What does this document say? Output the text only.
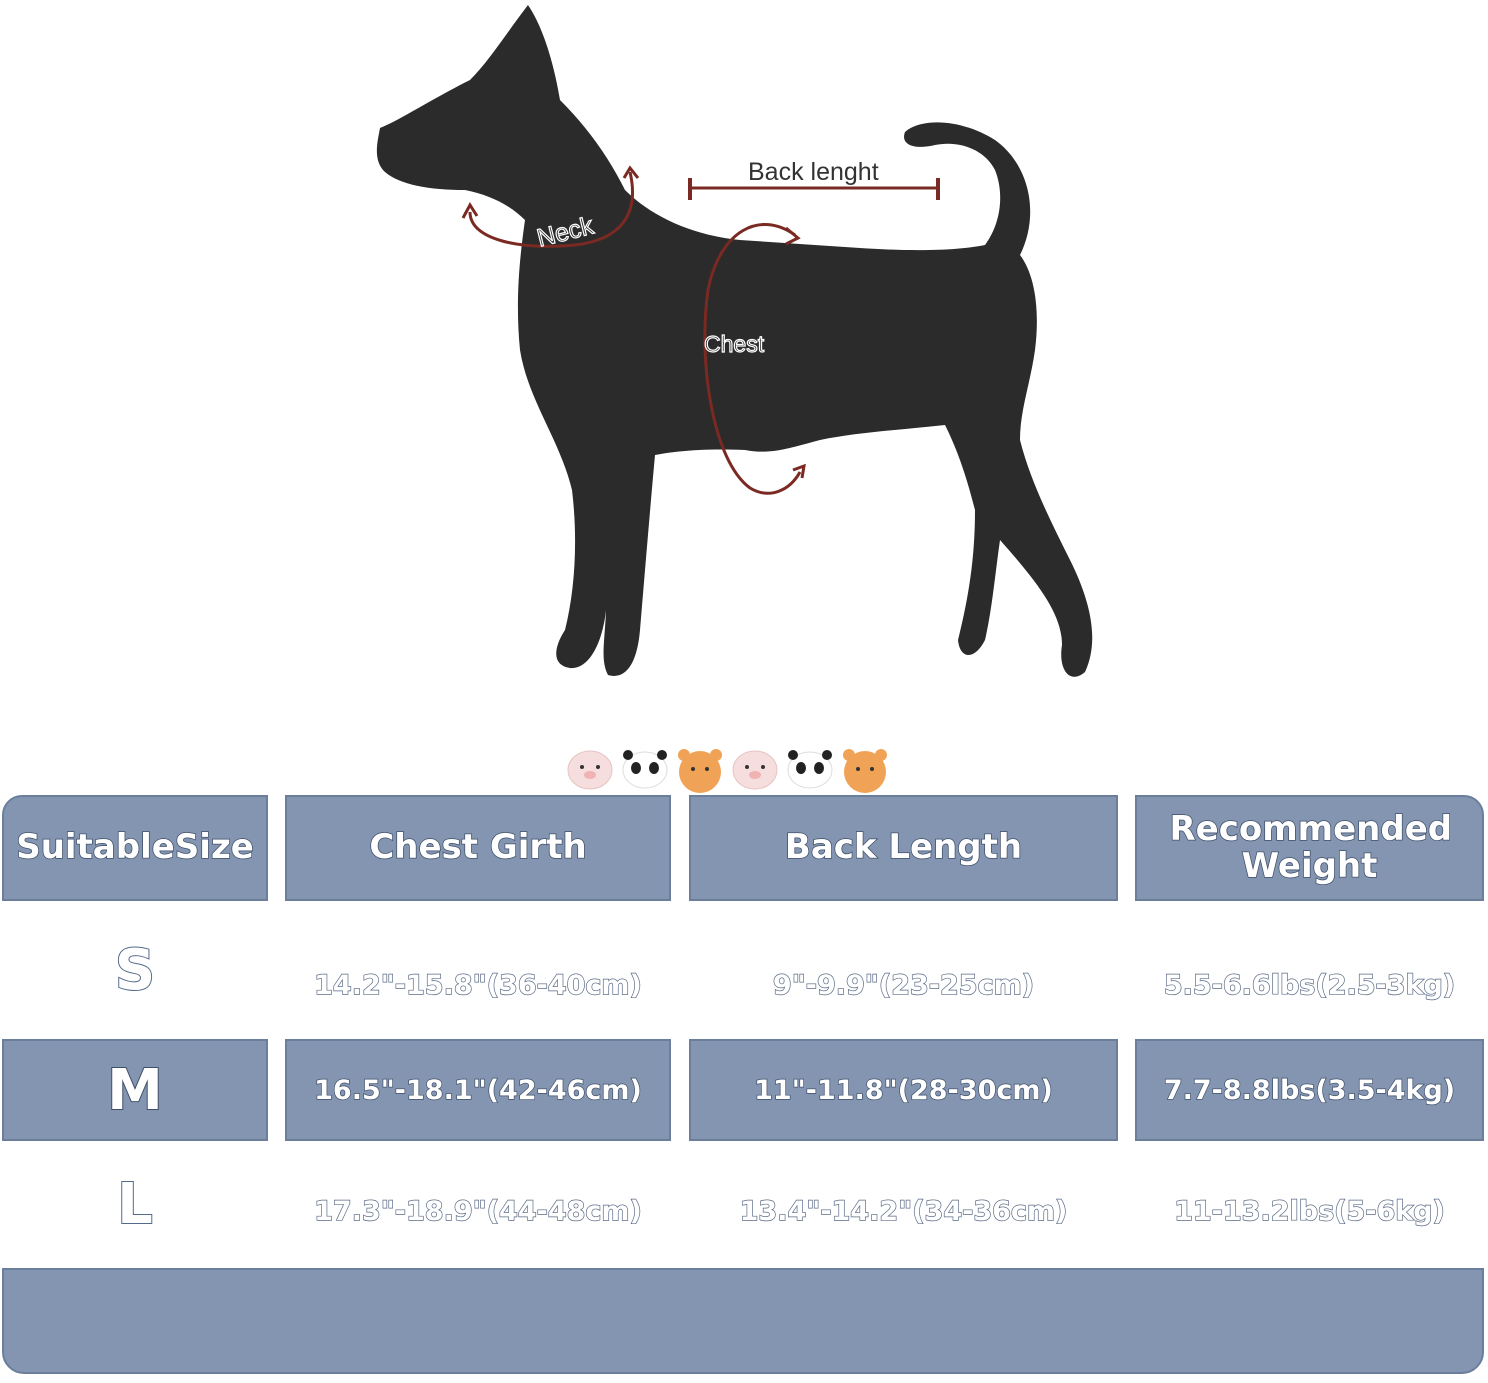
Neck
Chest
Back lenght
SuitableSize	Chest Girth	Back Length	Recommended Weight
S	14.2"-15.8"(36-40cm)	9"-9.9"(23-25cm)	5.5-6.6lbs(2.5-3kg)
M	16.5"-18.1"(42-46cm)	11"-11.8"(28-30cm)	7.7-8.8lbs(3.5-4kg)
L	17.3"-18.9"(44-48cm)	13.4"-14.2"(34-36cm)	11-13.2lbs(5-6kg)
